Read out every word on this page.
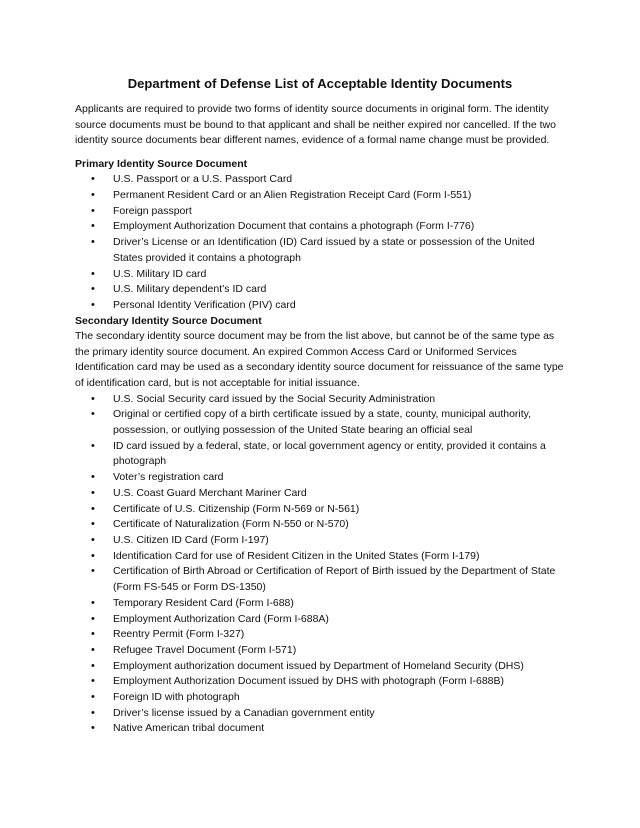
Department of Defense List of Acceptable Identity Documents

Applicants are required to provide two forms of identity source documents in original form. The identity source documents must be bound to that applicant and shall be neither expired nor cancelled. If the two identity source documents bear different names, evidence of a formal name change must be provided.

Primary Identity Source Document
• U.S. Passport or a U.S. Passport Card
• Permanent Resident Card or an Alien Registration Receipt Card (Form I-551)
• Foreign passport
• Employment Authorization Document that contains a photograph (Form I-776)
• Driver’s License or an Identification (ID) Card issued by a state or possession of the United States provided it contains a photograph
• U.S. Military ID card
• U.S. Military dependent’s ID card
• Personal Identity Verification (PIV) card
Secondary Identity Source Document

The secondary identity source document may be from the list above, but cannot be of the same type as the primary identity source document. An expired Common Access Card or Uniformed Services Identification card may be used as a secondary identity source document for reissuance of the same type of identification card, but is not acceptable for initial issuance.

• U.S. Social Security card issued by the Social Security Administration
• Original or certified copy of a birth certificate issued by a state, county, municipal authority, possession, or outlying possession of the United State bearing an official seal
• ID card issued by a federal, state, or local government agency or entity, provided it contains a photograph
• Voter’s registration card
• U.S. Coast Guard Merchant Mariner Card
• Certificate of U.S. Citizenship (Form N-569 or N-561)
• Certificate of Naturalization (Form N-550 or N-570)
• U.S. Citizen ID Card (Form I-197)
• Identification Card for use of Resident Citizen in the United States (Form I-179)
• Certification of Birth Abroad or Certification of Report of Birth issued by the Department of State (Form FS-545 or Form DS-1350)
• Temporary Resident Card (Form I-688)
• Employment Authorization Card (Form I-688A)
• Reentry Permit (Form I-327)
• Refugee Travel Document (Form I-571)
• Employment authorization document issued by Department of Homeland Security (DHS)
• Employment Authorization Document issued by DHS with photograph (Form I-688B)
• Foreign ID with photograph
• Driver’s license issued by a Canadian government entity
• Native American tribal document
